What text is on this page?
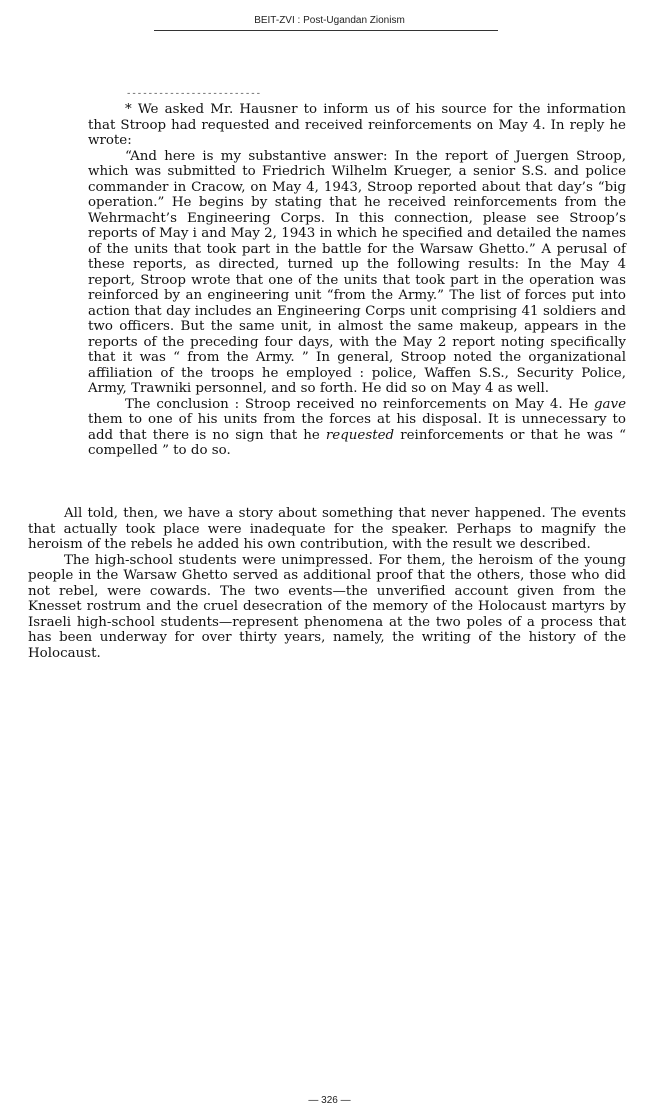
BEIT-ZVI : Post-Ugandan Zionism
-------------------------

* We asked Mr. Hausner to inform us of his source for the information that Stroop had requested and received reinforcements on May 4. In reply he wrote:

“And here is my substantive answer: In the report of Juergen Stroop, which was submitted to Friedrich Wilhelm Krueger, a senior S.S. and police commander in Cracow, on May 4, 1943, Stroop reported about that day’s “big operation.” He begins by stating that he received reinforcements from the Wehrmacht’s Engineering Corps. In this connection, please see Stroop’s reports of May i and May 2, 1943 in which he specified and detailed the names of the units that took part in the battle for the Warsaw Ghetto.” A perusal of these reports, as directed, turned up the following results: In the May 4 report, Stroop wrote that one of the units that took part in the operation was reinforced by an engineering unit “from the Army.” The list of forces put into action that day includes an Engineering Corps unit comprising 41 soldiers and two officers. But the same unit, in almost the same makeup, appears in the reports of the preceding four days, with the May 2 report noting specifically that it was “ from the Army. ” In general, Stroop noted the organizational affiliation of the troops he employed : police, Waffen S.S., Security Police, Army, Trawniki personnel, and so forth. He did so on May 4 as well.

The conclusion : Stroop received no reinforcements on May 4. He gave them to one of his units from the forces at his disposal. It is unnecessary to add that there is no sign that he requested reinforcements or that he was “ compelled ” to do so.

All told, then, we have a story about something that never happened. The events that actually took place were inadequate for the speaker. Perhaps to magnify the heroism of the rebels he added his own contribution, with the result we described.

The high-school students were unimpressed. For them, the heroism of the young people in the Warsaw Ghetto served as additional proof that the others, those who did not rebel, were cowards. The two events—the unverified account given from the Knesset rostrum and the cruel desecration of the memory of the Holocaust martyrs by Israeli high-school students—represent phenomena at the two poles of a process that has been underway for over thirty years, namely, the writing of the history of the Holocaust.

— 326 —
